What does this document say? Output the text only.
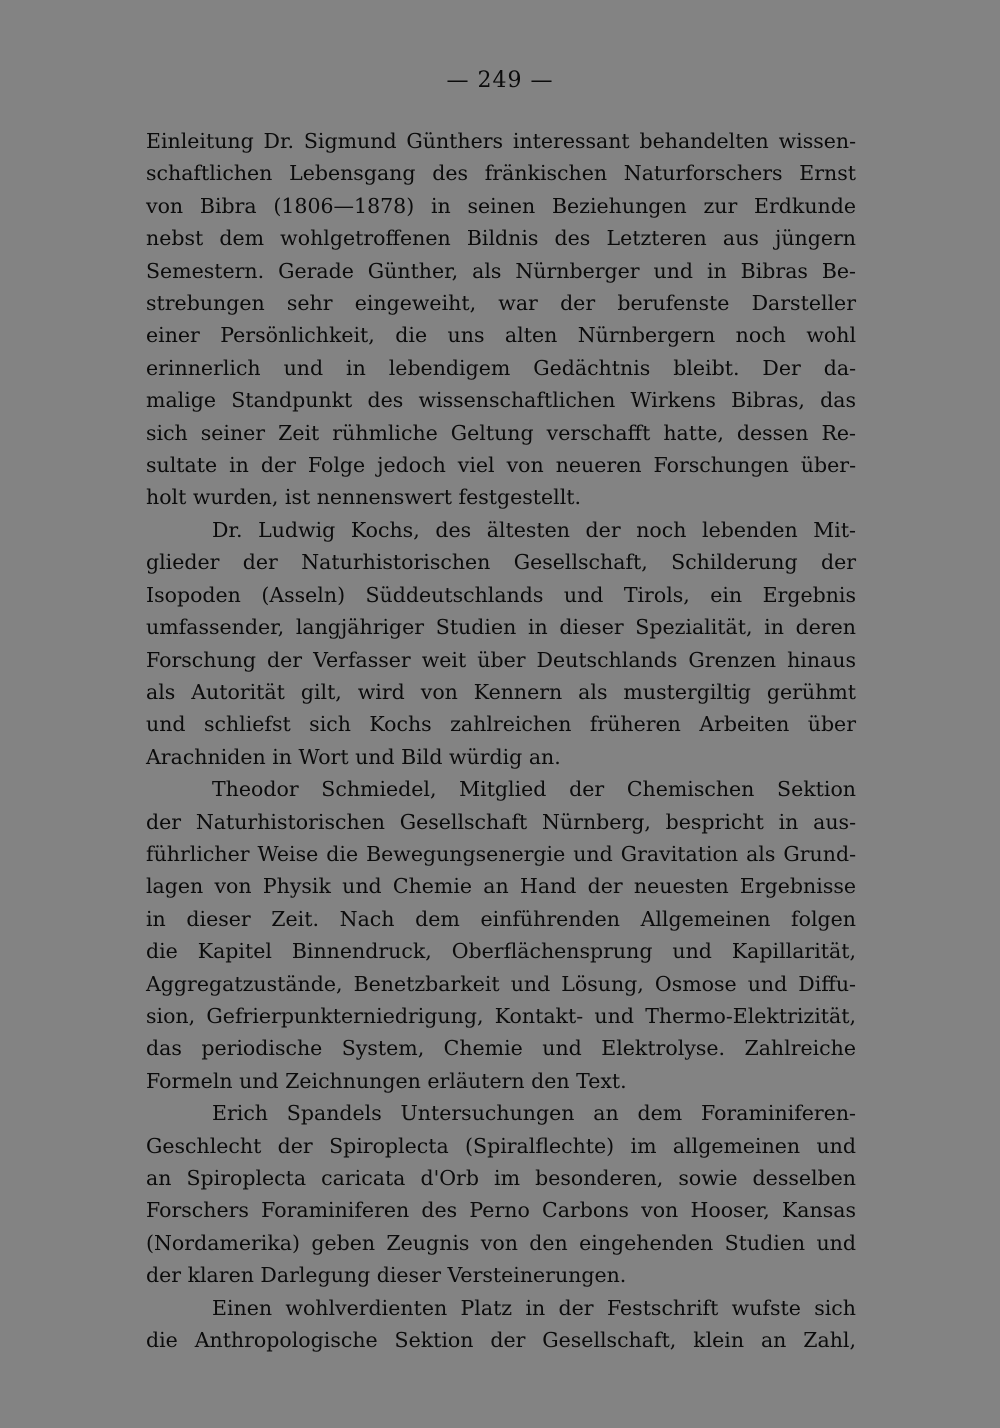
— 249 —

Einleitung Dr. Sigmund Günthers interessant behandelten wissen-
schaftlichen Lebensgang des fränkischen Naturforschers Ernst
von Bibra (1806—1878) in seinen Beziehungen zur Erdkunde
nebst dem wohlgetroffenen Bildnis des Letzteren aus jüngern
Semestern. Gerade Günther, als Nürnberger und in Bibras Be-
strebungen sehr eingeweiht, war der berufenste Darsteller
einer Persönlichkeit, die uns alten Nürnbergern noch wohl
erinnerlich und in lebendigem Gedächtnis bleibt. Der da-
malige Standpunkt des wissenschaftlichen Wirkens Bibras, das
sich seiner Zeit rühmliche Geltung verschafft hatte, dessen Re-
sultate in der Folge jedoch viel von neueren Forschungen über-
holt wurden, ist nennenswert festgestellt.

Dr. Ludwig Kochs, des ältesten der noch lebenden Mit-
glieder der Naturhistorischen Gesellschaft, Schilderung der
Isopoden (Asseln) Süddeutschlands und Tirols, ein Ergebnis
umfassender, langjähriger Studien in dieser Spezialität, in deren
Forschung der Verfasser weit über Deutschlands Grenzen hinaus
als Autorität gilt, wird von Kennern als mustergiltig gerühmt
und schliefst sich Kochs zahlreichen früheren Arbeiten über
Arachniden in Wort und Bild würdig an.

Theodor Schmiedel, Mitglied der Chemischen Sektion
der Naturhistorischen Gesellschaft Nürnberg, bespricht in aus-
führlicher Weise die Bewegungsenergie und Gravitation als Grund-
lagen von Physik und Chemie an Hand der neuesten Ergebnisse
in dieser Zeit. Nach dem einführenden Allgemeinen folgen
die Kapitel Binnendruck, Oberflächensprung und Kapillarität,
Aggregatzustände, Benetzbarkeit und Lösung, Osmose und Diffu-
sion, Gefrierpunkterniedrigung, Kontakt- und Thermo-Elektrizität,
das periodische System, Chemie und Elektrolyse. Zahlreiche
Formeln und Zeichnungen erläutern den Text.

Erich Spandels Untersuchungen an dem Foraminiferen-
Geschlecht der Spiroplecta (Spiralflechte) im allgemeinen und
an Spiroplecta caricata d'Orb im besonderen, sowie desselben
Forschers Foraminiferen des Perno Carbons von Hooser, Kansas
(Nordamerika) geben Zeugnis von den eingehenden Studien und
der klaren Darlegung dieser Versteinerungen.

Einen wohlverdienten Platz in der Festschrift wufste sich
die Anthropologische Sektion der Gesellschaft, klein an Zahl,
